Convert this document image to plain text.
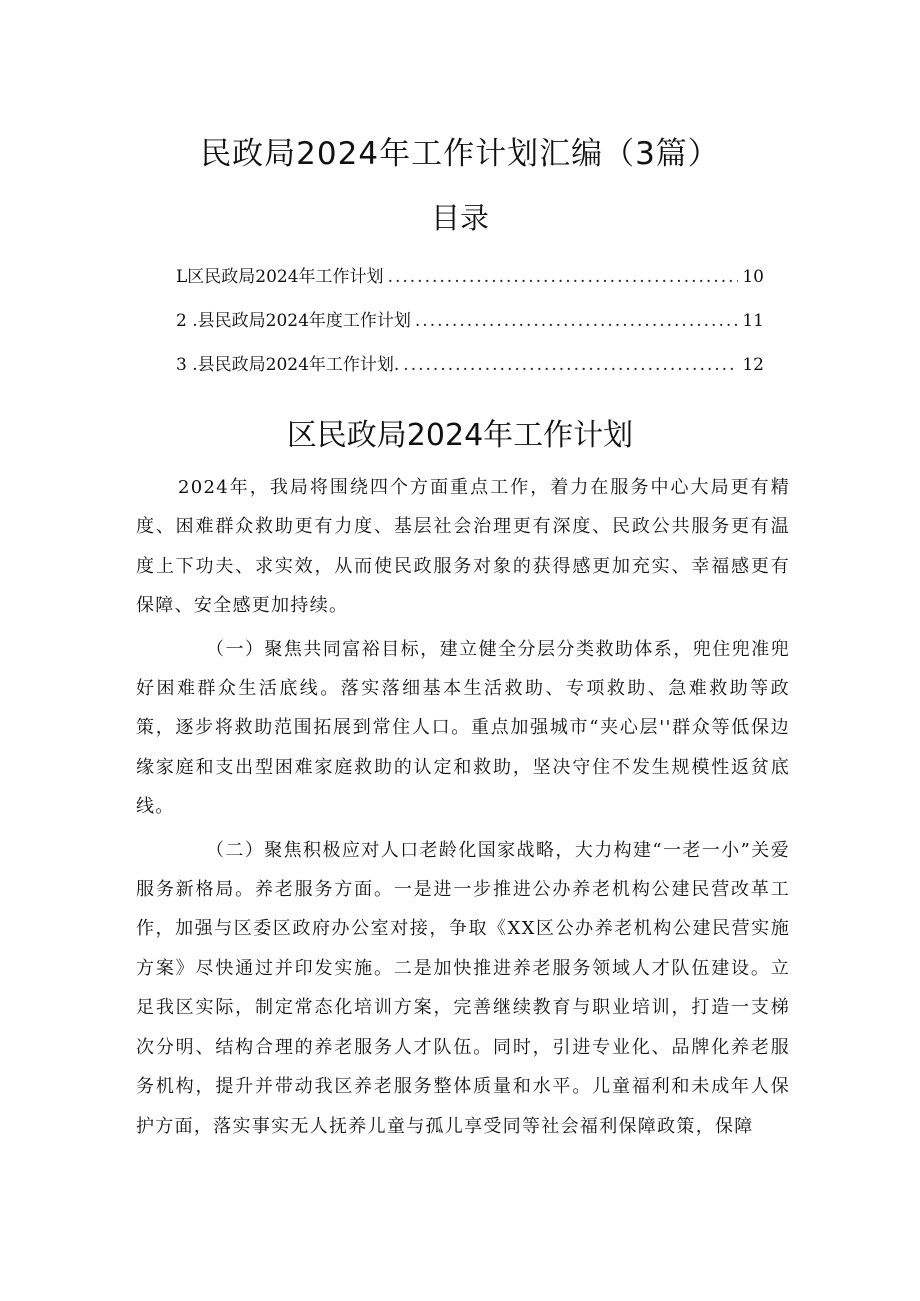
民政局2024年工作计划汇编（3篇）
目录
L区民政局2024年工作计划 .....	10
2 .县民政局2024年度工作计划 .....	11
3 .县民政局2024年工作计划. .....	12
区民政局2024年工作计划

2024年，我局将围绕四个方面重点工作，着力在服务中心大局更有精度、困难群众救助更有力度、基层社会治理更有深度、民政公共服务更有温度上下功夫、求实效，从而使民政服务对象的获得感更加充实、幸福感更有保障、安全感更加持续。

（一）聚焦共同富裕目标，建立健全分层分类救助体系，兜住兜准兜好困难群众生活底线。落实落细基本生活救助、专项救助、急难救助等政策，逐步将救助范围拓展到常住人口。重点加强城市“夹心层''群众等低保边缘家庭和支出型困难家庭救助的认定和救助，坚决守住不发生规模性返贫底线。

（二）聚焦积极应对人口老龄化国家战略，大力构建“一老一小”关爱服务新格局。养老服务方面。一是进一步推进公办养老机构公建民营改革工作，加强与区委区政府办公室对接，争取《XX区公办养老机构公建民营实施方案》尽快通过并印发实施。二是加快推进养老服务领域人才队伍建设。立足我区实际，制定常态化培训方案，完善继续教育与职业培训，打造一支梯次分明、结构合理的养老服务人才队伍。同时，引进专业化、品牌化养老服务机构，提升并带动我区养老服务整体质量和水平。儿童福利和未成年人保护方面，落实事实无人抚养儿童与孤儿享受同等社会福利保障政策，保障
